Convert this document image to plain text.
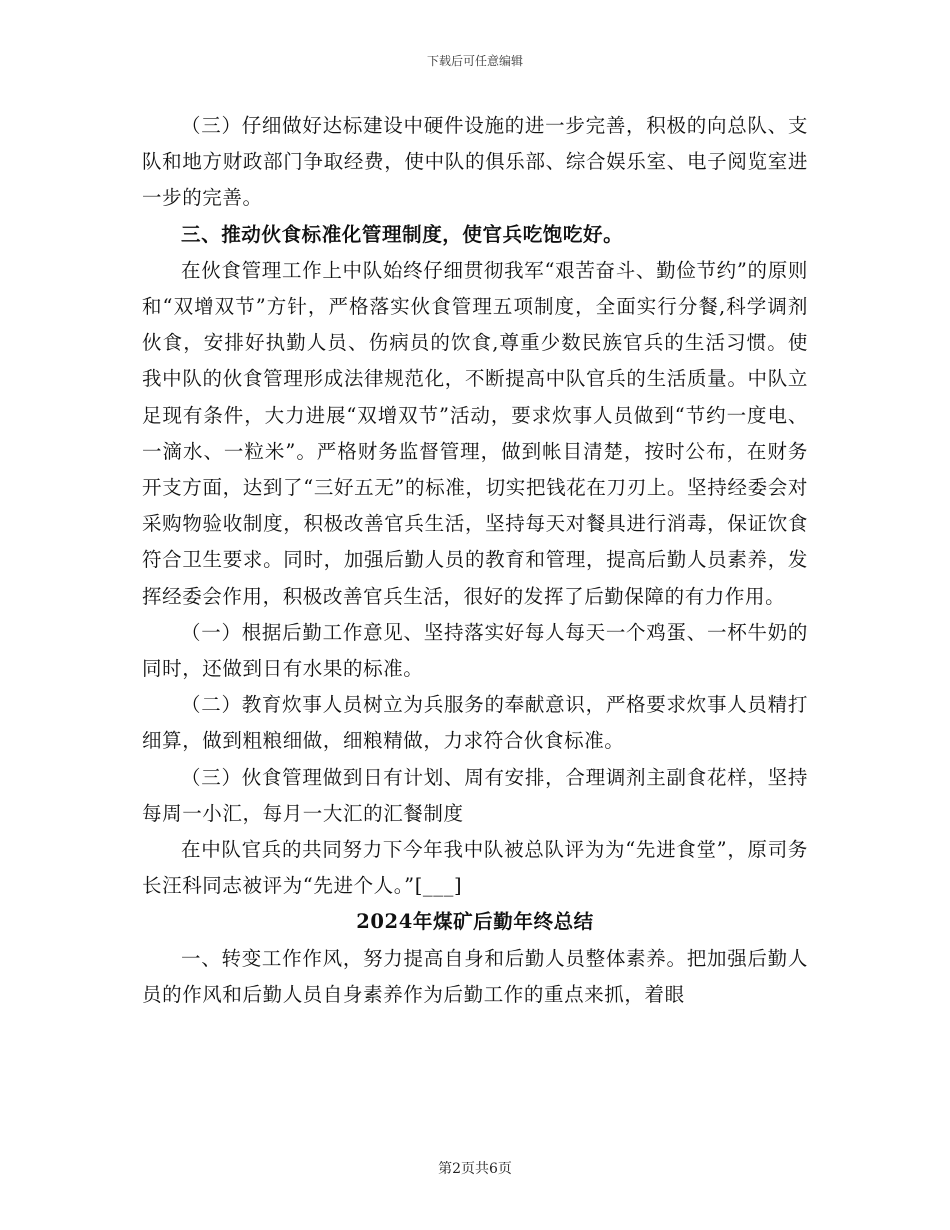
下载后可任意编辑

（三）仔细做好达标建设中硬件设施的进一步完善，积极的向总队、支队和地方财政部门争取经费，使中队的俱乐部、综合娱乐室、电子阅览室进一步的完善。

三、推动伙食标准化管理制度，使官兵吃饱吃好。

在伙食管理工作上中队始终仔细贯彻我军“艰苦奋斗、勤俭节约”的原则和“双增双节”方针，严格落实伙食管理五项制度，全面实行分餐,科学调剂伙食，安排好执勤人员、伤病员的饮食,尊重少数民族官兵的生活习惯。使我中队的伙食管理形成法律规范化，不断提高中队官兵的生活质量。中队立足现有条件，大力进展“双增双节”活动，要求炊事人员做到“节约一度电、一滴水、一粒米”。严格财务监督管理，做到帐目清楚，按时公布，在财务开支方面，达到了“三好五无”的标准，切实把钱花在刀刃上。坚持经委会对采购物验收制度，积极改善官兵生活，坚持每天对餐具进行消毒，保证饮食符合卫生要求。同时，加强后勤人员的教育和管理，提高后勤人员素养，发挥经委会作用，积极改善官兵生活，很好的发挥了后勤保障的有力作用。

（一）根据后勤工作意见、坚持落实好每人每天一个鸡蛋、一杯牛奶的同时，还做到日有水果的标准。

（二）教育炊事人员树立为兵服务的奉献意识，严格要求炊事人员精打细算，做到粗粮细做，细粮精做，力求符合伙食标准。

（三）伙食管理做到日有计划、周有安排，合理调剂主副食花样，坚持每周一小汇，每月一大汇的汇餐制度

在中队官兵的共同努力下今年我中队被总队评为为“先进食堂”，原司务长汪科同志被评为“先进个人。”[___]

2024年煤矿后勤年终总结

一、转变工作作风，努力提高自身和后勤人员整体素养。把加强后勤人员的作风和后勤人员自身素养作为后勤工作的重点来抓，着眼

第2页共6页
